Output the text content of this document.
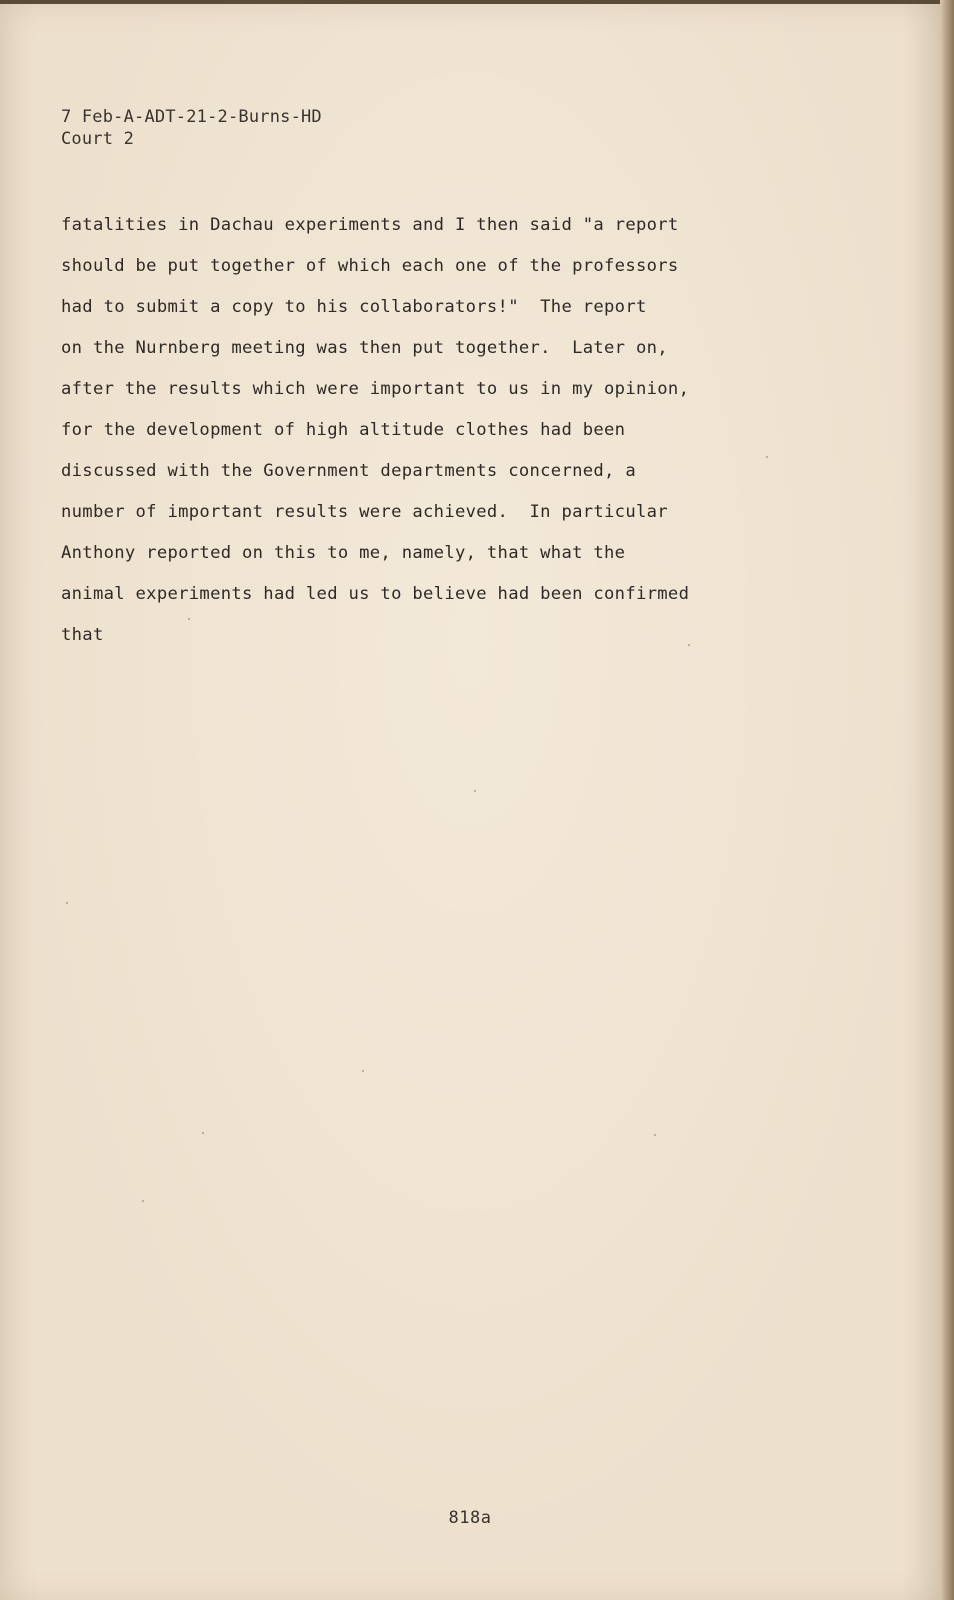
7 Feb-A-ADT-21-2-Burns-HD
Court 2
fatalities in Dachau experiments and I then said "a report
should be put together of which each one of the professors
had to submit a copy to his collaborators!"  The report
on the Nurnberg meeting was then put together.  Later on,
after the results which were important to us in my opinion,
for the development of high altitude clothes had been
discussed with the Government departments concerned, a
number of important results were achieved.  In particular
Anthony reported on this to me, namely, that what the
animal experiments had led us to believe had been confirmed
that
818a
